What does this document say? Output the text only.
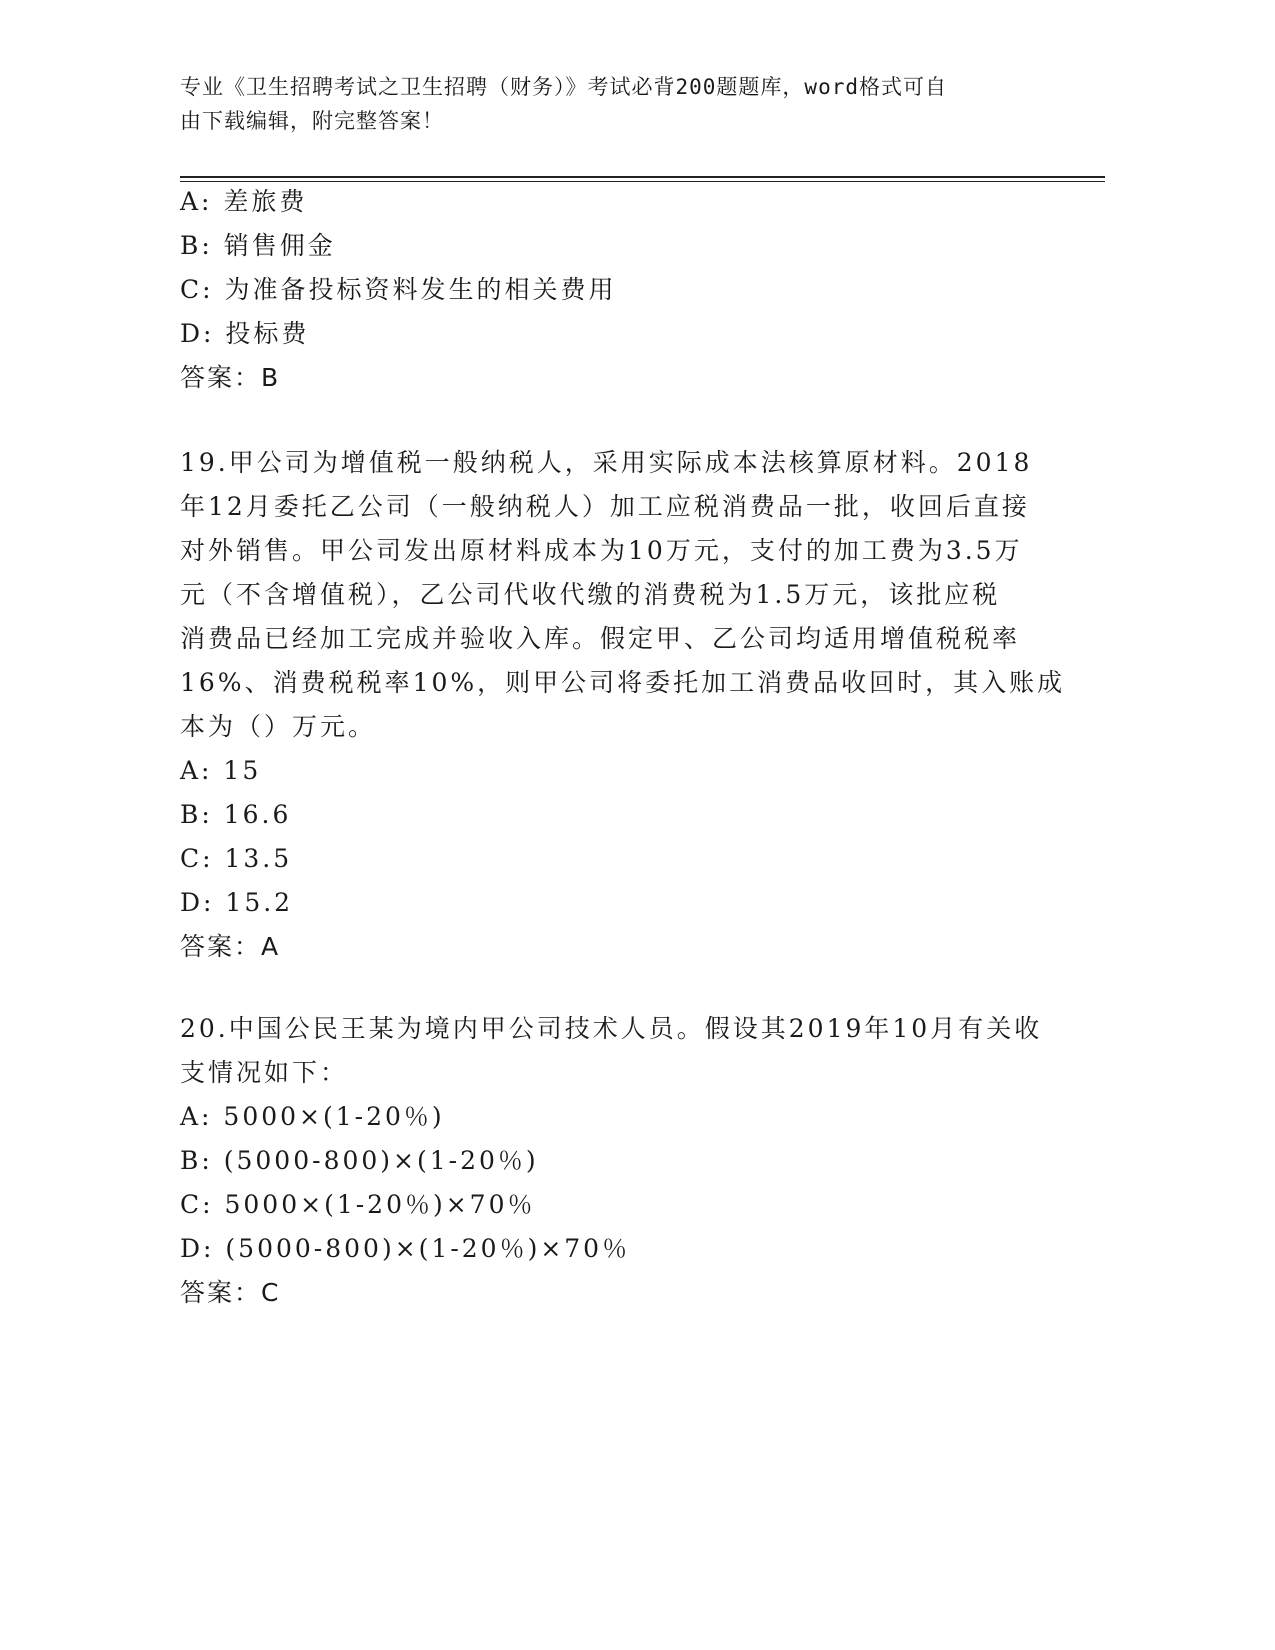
专业《卫生招聘考试之卫生招聘（财务）》考试必背200题题库，word格式可自
由下载编辑，附完整答案！
A: 差旅费
B: 销售佣金
C: 为准备投标资料发生的相关费用
D: 投标费
答案：B
19.甲公司为增值税一般纳税人，采用实际成本法核算原材料。2018
年12月委托乙公司（一般纳税人）加工应税消费品一批，收回后直接
对外销售。甲公司发出原材料成本为10万元，支付的加工费为3.5万
元（不含增值税），乙公司代收代缴的消费税为1.5万元，该批应税
消费品已经加工完成并验收入库。假定甲、乙公司均适用增值税税率
16%、消费税税率10%，则甲公司将委托加工消费品收回时，其入账成
本为（）万元。
A: 15
B: 16.6
C: 13.5
D: 15.2
答案：A
20.中国公民王某为境内甲公司技术人员。假设其2019年10月有关收
支情况如下：
A: 5000×(1-20％)
B: (5000-800)×(1-20％)
C: 5000×(1-20％)×70％
D: (5000-800)×(1-20％)×70％
答案：C
